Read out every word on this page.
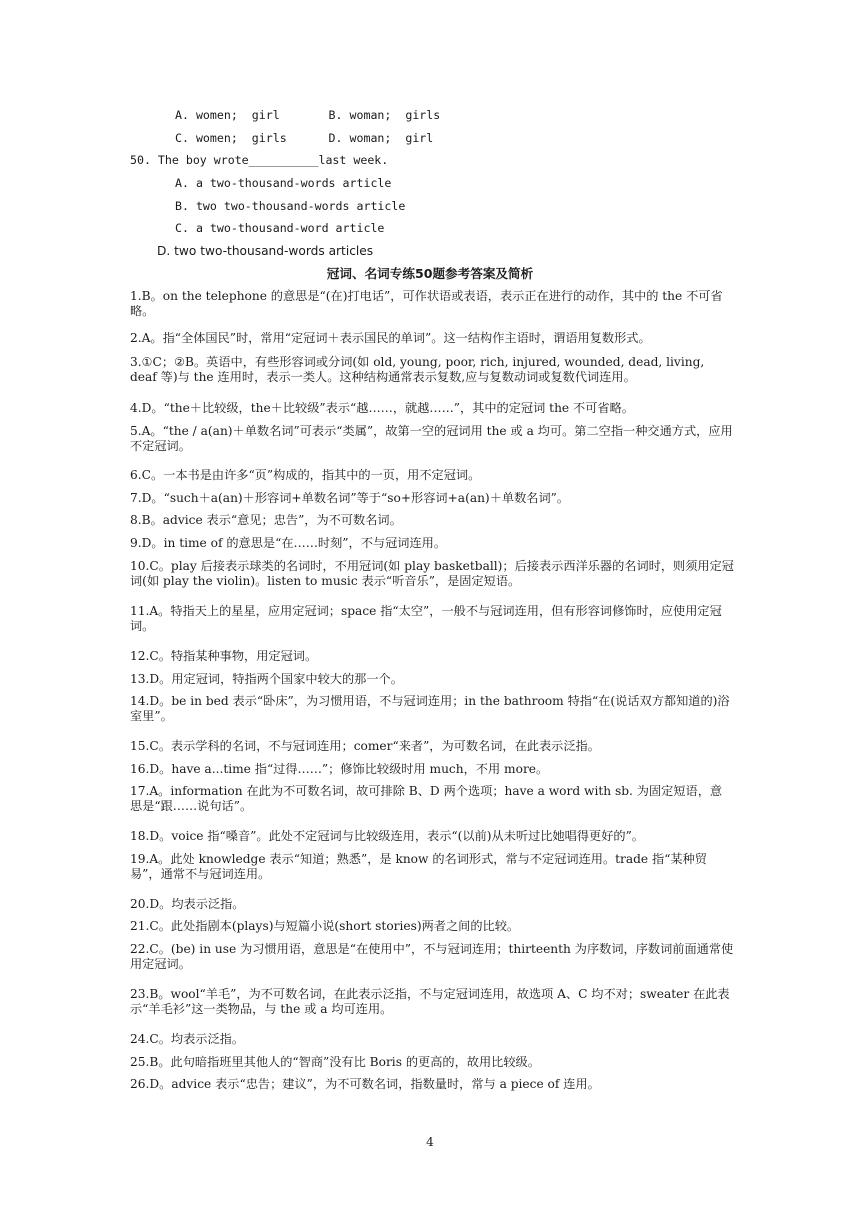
A. women;  girl       B. woman;  girls
C. women;  girls      D. woman;  girl
50. The boy wrote__________last week.
A. a two-thousand-words article
B. two two-thousand-words article
C. a two-thousand-word article
D. two two-thousand-words articles
冠词、名词专练50题参考答案及简析
1.B。on the telephone 的意思是“(在)打电话”，可作状语或表语，表示正在进行的动作，其中的 the 不可省略。
2.A。指“全体国民”时，常用“定冠词＋表示国民的单词”。这一结构作主语时，谓语用复数形式。
3.①C；②B。英语中，有些形容词或分词(如 old, young, poor, rich, injured, wounded, dead, living, deaf 等)与 the 连用时，表示一类人。这种结构通常表示复数,应与复数动词或复数代词连用。
4.D。“the＋比较级，the＋比较级”表示“越……，就越……”，其中的定冠词 the 不可省略。
5.A。“the / a(an)＋单数名词”可表示“类属”，故第一空的冠词用 the 或 a 均可。第二空指一种交通方式，应用不定冠词。
6.C。一本书是由许多“页”构成的，指其中的一页，用不定冠词。
7.D。“such＋a(an)＋形容词+单数名词”等于“so+形容词+a(an)＋单数名词”。
8.B。advice 表示“意见；忠告”，为不可数名词。
9.D。in time of 的意思是“在……时刻”，不与冠词连用。
10.C。play 后接表示球类的名词时，不用冠词(如 play basketball)；后接表示西洋乐器的名词时，则须用定冠词(如 play the violin)。listen to music 表示“听音乐”，是固定短语。
11.A。特指天上的星星，应用定冠词；space 指“太空”，一般不与冠词连用，但有形容词修饰时，应使用定冠词。
12.C。特指某种事物，用定冠词。
13.D。用定冠词，特指两个国家中较大的那一个。
14.D。be in bed 表示“卧床”，为习惯用语，不与冠词连用；in the bathroom 特指“在(说话双方都知道的)浴室里”。
15.C。表示学科的名词，不与冠词连用；comer“来者”，为可数名词，在此表示泛指。
16.D。have a...time 指“过得……”；修饰比较级时用 much，不用 more。
17.A。information 在此为不可数名词，故可排除 B、D 两个选项；have a word with sb. 为固定短语，意思是“跟……说句话”。
18.D。voice 指“嗓音”。此处不定冠词与比较级连用，表示“(以前)从未听过比她唱得更好的”。
19.A。此处 knowledge 表示“知道；熟悉”，是 know 的名词形式，常与不定冠词连用。trade 指“某种贸易”，通常不与冠词连用。
20.D。均表示泛指。
21.C。此处指剧本(plays)与短篇小说(short stories)两者之间的比较。
22.C。(be) in use 为习惯用语，意思是“在使用中”，不与冠词连用；thirteenth 为序数词，序数词前面通常使用定冠词。
23.B。wool“羊毛”，为不可数名词，在此表示泛指，不与定冠词连用，故选项 A、C 均不对；sweater 在此表示“羊毛衫”这一类物品，与 the 或 a 均可连用。
24.C。均表示泛指。
25.B。此句暗指班里其他人的“智商”没有比 Boris 的更高的，故用比较级。
26.D。advice 表示“忠告；建议”，为不可数名词，指数量时，常与 a piece of 连用。
4
